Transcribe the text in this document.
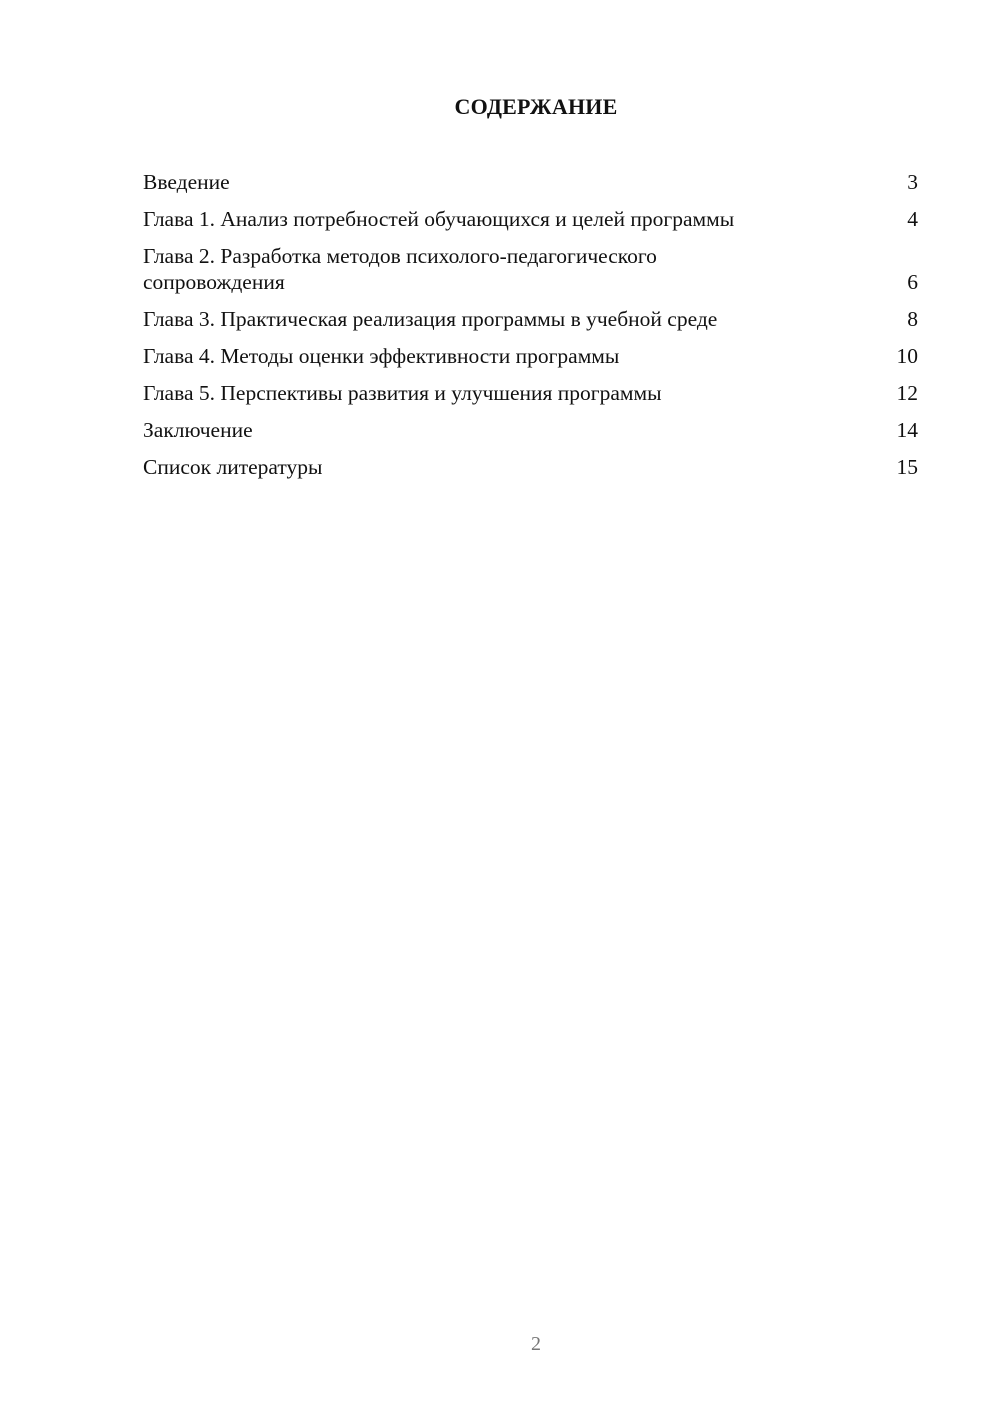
СОДЕРЖАНИЕ
Введение	3
Глава 1. Анализ потребностей обучающихся и целей программы	4
Глава 2. Разработка методов психолого-педагогического сопровождения	6
Глава 3. Практическая реализация программы в учебной среде	8
Глава 4. Методы оценки эффективности программы	10
Глава 5. Перспективы развития и улучшения программы	12
Заключение	14
Список литературы	15
2
